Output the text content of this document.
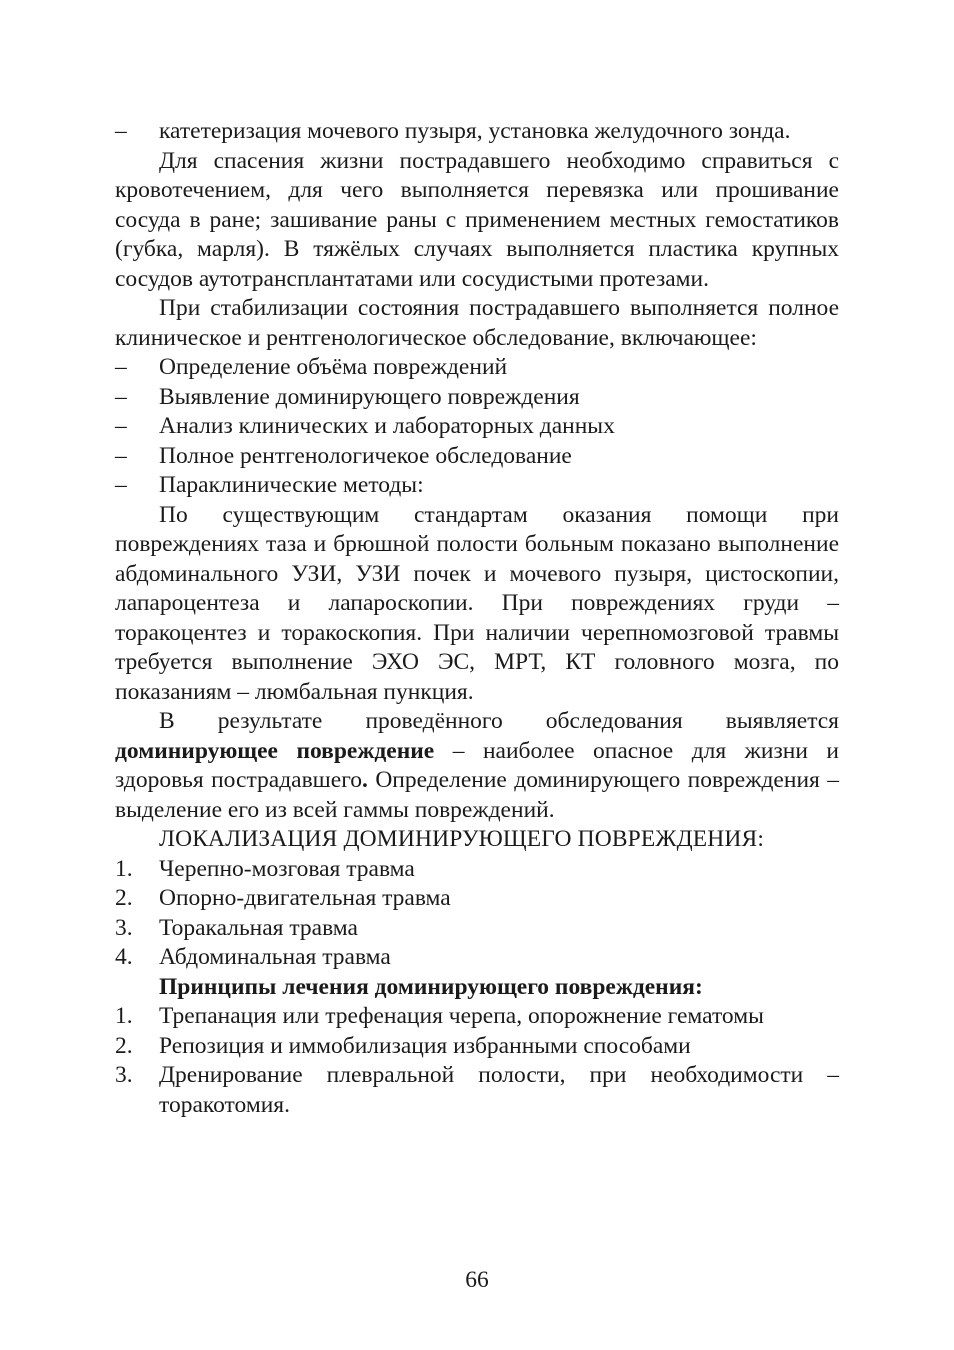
–	катетеризация мочевого пузыря, установка желудочного зонда.

Для спасения жизни пострадавшего необходимо справиться с кровотечением, для чего выполняется перевязка или прошивание сосуда в ране; зашивание раны с применением местных гемостатиков (губка, марля). В тяжёлых случаях выполняется пластика крупных сосудов аутотрансплантатами или сосудистыми протезами.

При стабилизации состояния пострадавшего выполняется полное клиническое и рентгенологическое обследование, включающее:

–	Определение объёма повреждений
–	Выявление доминирующего повреждения
–	Анализ клинических и лабораторных данных
–	Полное рентгенологичекое обследование
–	Параклинические методы:

По существующим стандартам оказания помощи при повреждениях таза и брюшной полости больным показано выполнение абдоминального УЗИ, УЗИ почек и мочевого пузыря, цистоскопии, лапароцентеза и лапароскопии. При повреждениях груди – торакоцентез и торакоскопия. При наличии черепномозговой травмы требуется выполнение ЭХО ЭС, МРТ, КТ головного мозга, по показаниям – люмбальная пункция.

В результате проведённого обследования выявляется доминирующее повреждение – наиболее опасное для жизни и здоровья пострадавшего. Определение доминирующего повреждения – выделение его из всей гаммы повреждений.

ЛОКАЛИЗАЦИЯ ДОМИНИРУЮЩЕГО ПОВРЕЖДЕНИЯ:
1.	Черепно-мозговая травма
2.	Опорно-двигательная травма
3.	Торакальная травма
4.	Абдоминальная травма
Принципы лечения доминирующего повреждения:
1.	Трепанация или трефенация черепа, опорожнение гематомы
2.	Репозиция и иммобилизация избранными способами
3.	Дренирование плевральной полости, при необходимости – торакотомия.
66
